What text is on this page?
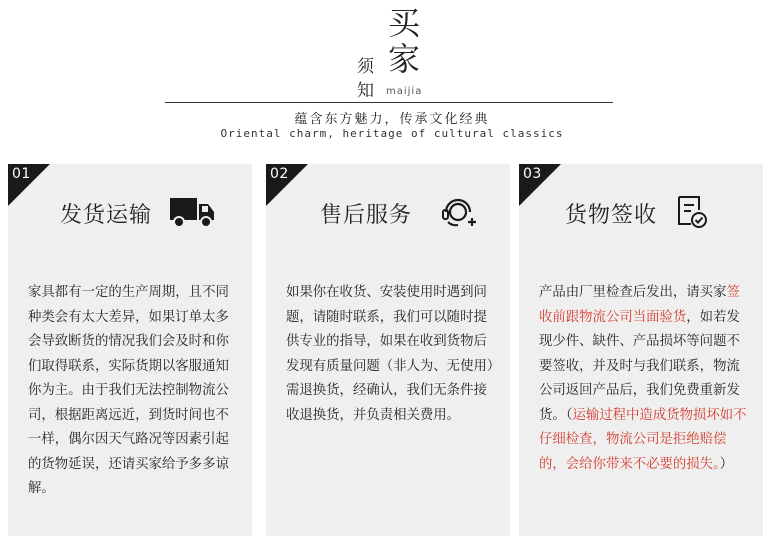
买
家
须
知 maijia
蕴含东方魅力，传承文化经典
Oriental charm, heritage of cultural classics
01
发货运输
家具都有一定的生产周期，且不同种类会有太大差异，如果订单太多会导致断货的情况我们会及时和你们取得联系，实际货期以客服通知你为主。由于我们无法控制物流公司，根据距离远近，到货时间也不一样，偶尔因天气路况等因素引起的货物延误，还请买家给予多多谅解。
02
售后服务
如果你在收货、安装使用时遇到问题，请随时联系，我们可以随时提供专业的指导，如果在收到货物后发现有质量问题（非人为、无使用）需退换货，经确认，我们无条件接收退换货，并负责相关费用。
03
货物签收
产品由厂里检查后发出，请买家签收前跟物流公司当面验货，如若发现少件、缺件、产品损坏等问题不要签收，并及时与我们联系，物流公司返回产品后，我们免费重新发货。（运输过程中造成货物损坏如不仔细检查，物流公司是拒绝赔偿的，会给你带来不必要的损失。）
